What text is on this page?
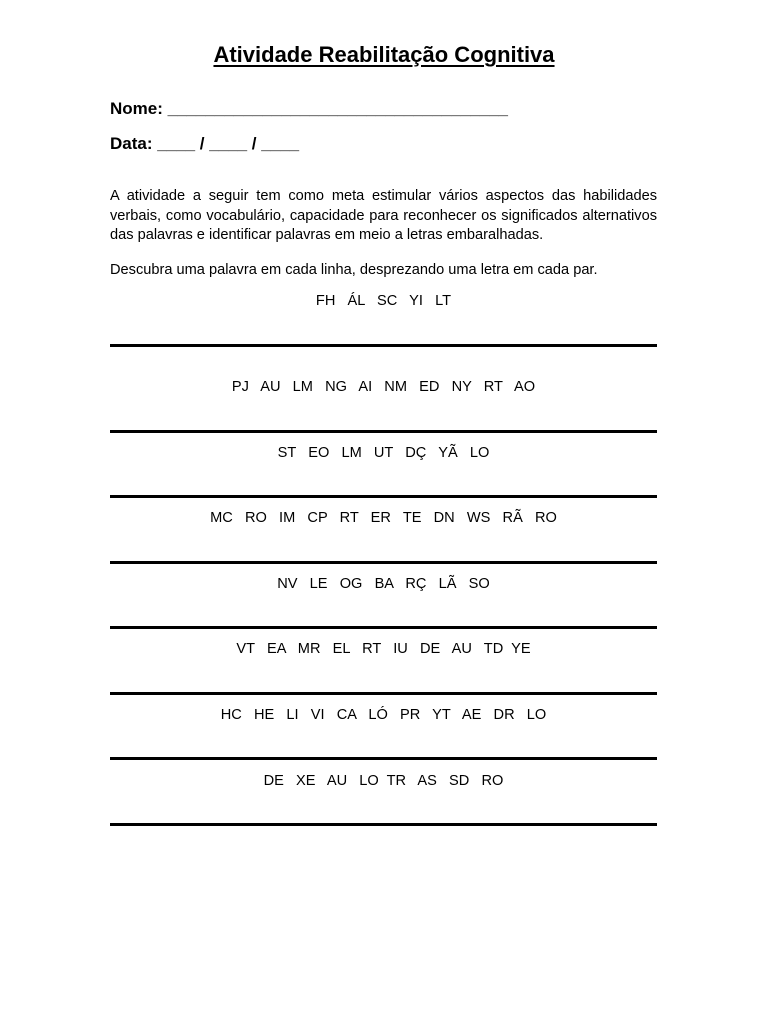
Atividade Reabilitação Cognitiva
Nome: ____________________________________
Data: ____ / ____ / ____

A atividade a seguir tem como meta estimular vários aspectos das habilidades verbais, como vocabulário, capacidade para reconhecer os significados alternativos das palavras e identificar palavras em meio a letras embaralhadas.

Descubra uma palavra em cada linha, desprezando uma letra em cada par.

FH   ÁL   SC   YI   LT
PJ   AU   LM   NG   AI   NM   ED   NY   RT   AO
ST   EO   LM   UT   DÇ   YÃ   LO
MC   RO   IM   CP   RT   ER   TE   DN   WS   RÃ   RO
NV   LE   OG   BA   RÇ   LÃ   SO
VT   EA   MR   EL   RT   IU   DE   AU   TD  YE
HC   HE   LI   VI   CA   LÓ   PR   YT   AE   DR   LO
DE   XE   AU   LO  TR   AS   SD   RO
